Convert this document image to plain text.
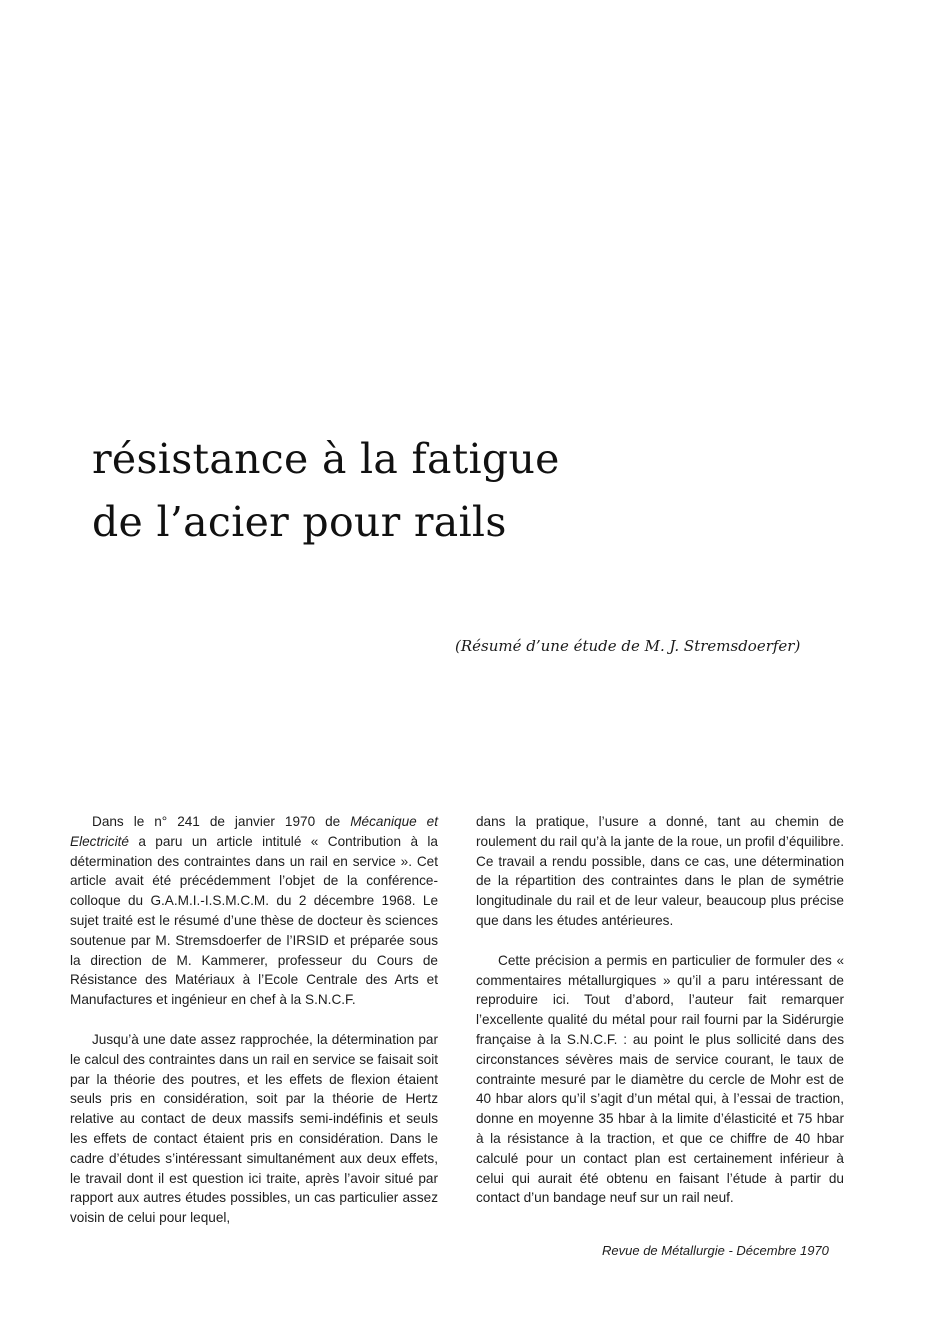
résistance à la fatigue
de l’acier pour rails

(Résumé d’une étude de M. J. Stremsdoerfer)

Dans le n° 241 de janvier 1970 de Mécanique et Electricité a paru un article intitulé « Contribution à la détermination des contraintes dans un rail en service ». Cet article avait été précédemment l’objet de la conférence-colloque du G.A.M.I.-I.S.M.C.M. du 2 décembre 1968. Le sujet traité est le résumé d’une thèse de docteur ès sciences soutenue par M. Stremsdoerfer de l’IRSID et préparée sous la direction de M. Kammerer, professeur du Cours de Résistance des Matériaux à l’Ecole Centrale des Arts et Manufactures et ingénieur en chef à la S.N.C.F.

Jusqu’à une date assez rapprochée, la détermination par le calcul des contraintes dans un rail en service se faisait soit par la théorie des poutres, et les effets de flexion étaient seuls pris en considération, soit par la théorie de Hertz relative au contact de deux massifs semi-indéfinis et seuls les effets de contact étaient pris en considération. Dans le cadre d’études s’intéressant simultanément aux deux effets, le travail dont il est question ici traite, après l’avoir situé par rapport aux autres études possibles, un cas particulier assez voisin de celui pour lequel,

dans la pratique, l’usure a donné, tant au chemin de roulement du rail qu’à la jante de la roue, un profil d’équilibre. Ce travail a rendu possible, dans ce cas, une détermination de la répartition des contraintes dans le plan de symétrie longitudinale du rail et de leur valeur, beaucoup plus précise que dans les études antérieures.

Cette précision a permis en particulier de formuler des « commentaires métallurgiques » qu’il a paru intéressant de reproduire ici. Tout d’abord, l’auteur fait remarquer l’excellente qualité du métal pour rail fourni par la Sidérurgie française à la S.N.C.F. : au point le plus sollicité dans des circonstances sévères mais de service courant, le taux de contrainte mesuré par le diamètre du cercle de Mohr est de 40 hbar alors qu’il s’agit d’un métal qui, à l’essai de traction, donne en moyenne 35 hbar à la limite d’élasticité et 75 hbar à la résistance à la traction, et que ce chiffre de 40 hbar calculé pour un contact plan est certainement inférieur à celui qui aurait été obtenu en faisant l’étude à partir du contact d’un bandage neuf sur un rail neuf.

Revue de Métallurgie - Décembre 1970
